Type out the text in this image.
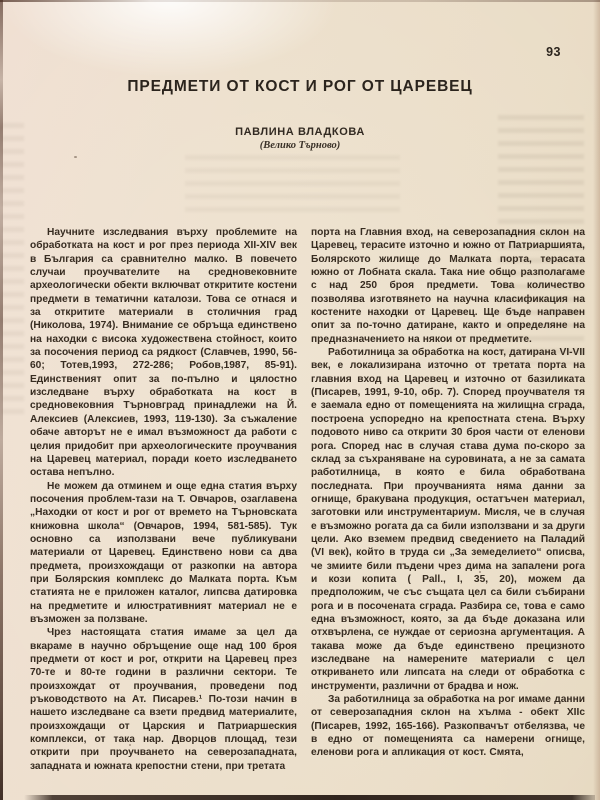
93
ПРЕДМЕТИ ОТ КОСТ И РОГ ОТ ЦАРЕВЕЦ
ПАВЛИНА ВЛАДКОВА
(Велико Търново)

Научните изследвания върху проблемите на обработката на кост и рог през периода XII-XIV век в България са сравнително малко. В повечето случаи проучвателите на средновековните археологически обекти включват откритите костени предмети в тематични каталози. Това се отнася и за откритите материали в столичния град (Николова, 1974). Внимание се обръща единствено на находки с висока художествена стойност, които за посочения период са рядкост (Славчев, 1990, 56-60; Тотев,1993, 272-286; Робов,1987, 85-91). Единственият опит за по-пълно и цялостно изследване върху обработката на кост в средновековния Търновград принадлежи на Й. Алексиев (Алексиев, 1993, 119-130). За съжаление обаче авторът не е имал възможност да работи с целия придобит при археологическите проучвания на Царевец материал, поради което изследването остава непълно.

Не можем да отминем и още една статия върху посочения проблем-тази на Т. Овчаров, озаглавена „Находки от кост и рог от времето на Търновската книжовна школа“ (Овчаров, 1994, 581-585). Тук основно са използвани вече публикувани материали от Царевец. Единствено нови са два предмета, произхождащи от разкопки на автора при Болярския комплекс до Малката порта. Към статията не е приложен каталог, липсва датировка на предметите и илюстративният материал не е възможен за ползване.

Чрез настоящата статия имаме за цел да вкараме в научно обръщение още над 100 броя предмети от кост и рог, открити на Царевец през 70-те и 80-те години в различни сектори. Те произхождат от проучвания, проведени под ръководството на Ат. Писарев.¹ По-този начин в нашето изследване са взети предвид материалите, произхождащи от Царския и Патриаршеския комплекси, от така нар. Дворцов площад, тези открити при проучването на северозападната, западната и южната крепостни стени, при третата

порта на Главния вход, на северозападния склон на Царевец, терасите източно и южно от Патриаршията, Болярското жилище до Малката порта, терасата южно от Лобната скала. Така ние общо разполагаме с над 250 броя предмети. Това количество позволява изготвянето на научна класификация на костените находки от Царевец. Ще бъде направен опит за по-точно датиране, както и определяне на предназначението на някои от предметите.

Работилница за обработка на кост, датирана VI-VII век, е локализирана източно от третата порта на главния вход на Царевец и източно от базиликата (Писарев, 1991, 9-10, обр. 7). Според проучвателя тя е заемала едно от помещенията на жилищна сграда, построена успоредно на крепостната стена. Върху подовото ниво са открити 30 броя части от еленови рога. Според нас в случая става дума по-скоро за склад за съхраняване на суровината, а не за самата работилница, в която е била обработвана последната. При проучванията няма данни за огнище, бракувана продукция, остатъчен материал, заготовки или инструментариум. Мисля, че в случая е възможно рогата да са били използвани и за други цели. Ако вземем предвид сведението на Паладий (VI век), който в труда си „За земеделието“ описва, че змиите били пъдени чрез дима на запалени рога и кози копита ( Pall., I, 35, 20), можем да предположим, че със същата цел са били събирани рога и в посочената сграда. Разбира се, това е само една възможност, която, за да бъде доказана или отхвърлена, се нуждае от сериозна аргументация. А такава може да бъде единствено прецизното изследване на намерените материали с цел откриването или липсата на следи от обработка с инструменти, различни от брадва и нож.

За работилница за обработка на рог имаме данни от северозападния склон на хълма - обект XIIc (Писарев, 1992, 165-166). Разкопвачът отбелязва, че в едно от помещенията са намерени огнище, еленови рога и апликация от кост. Смята,
